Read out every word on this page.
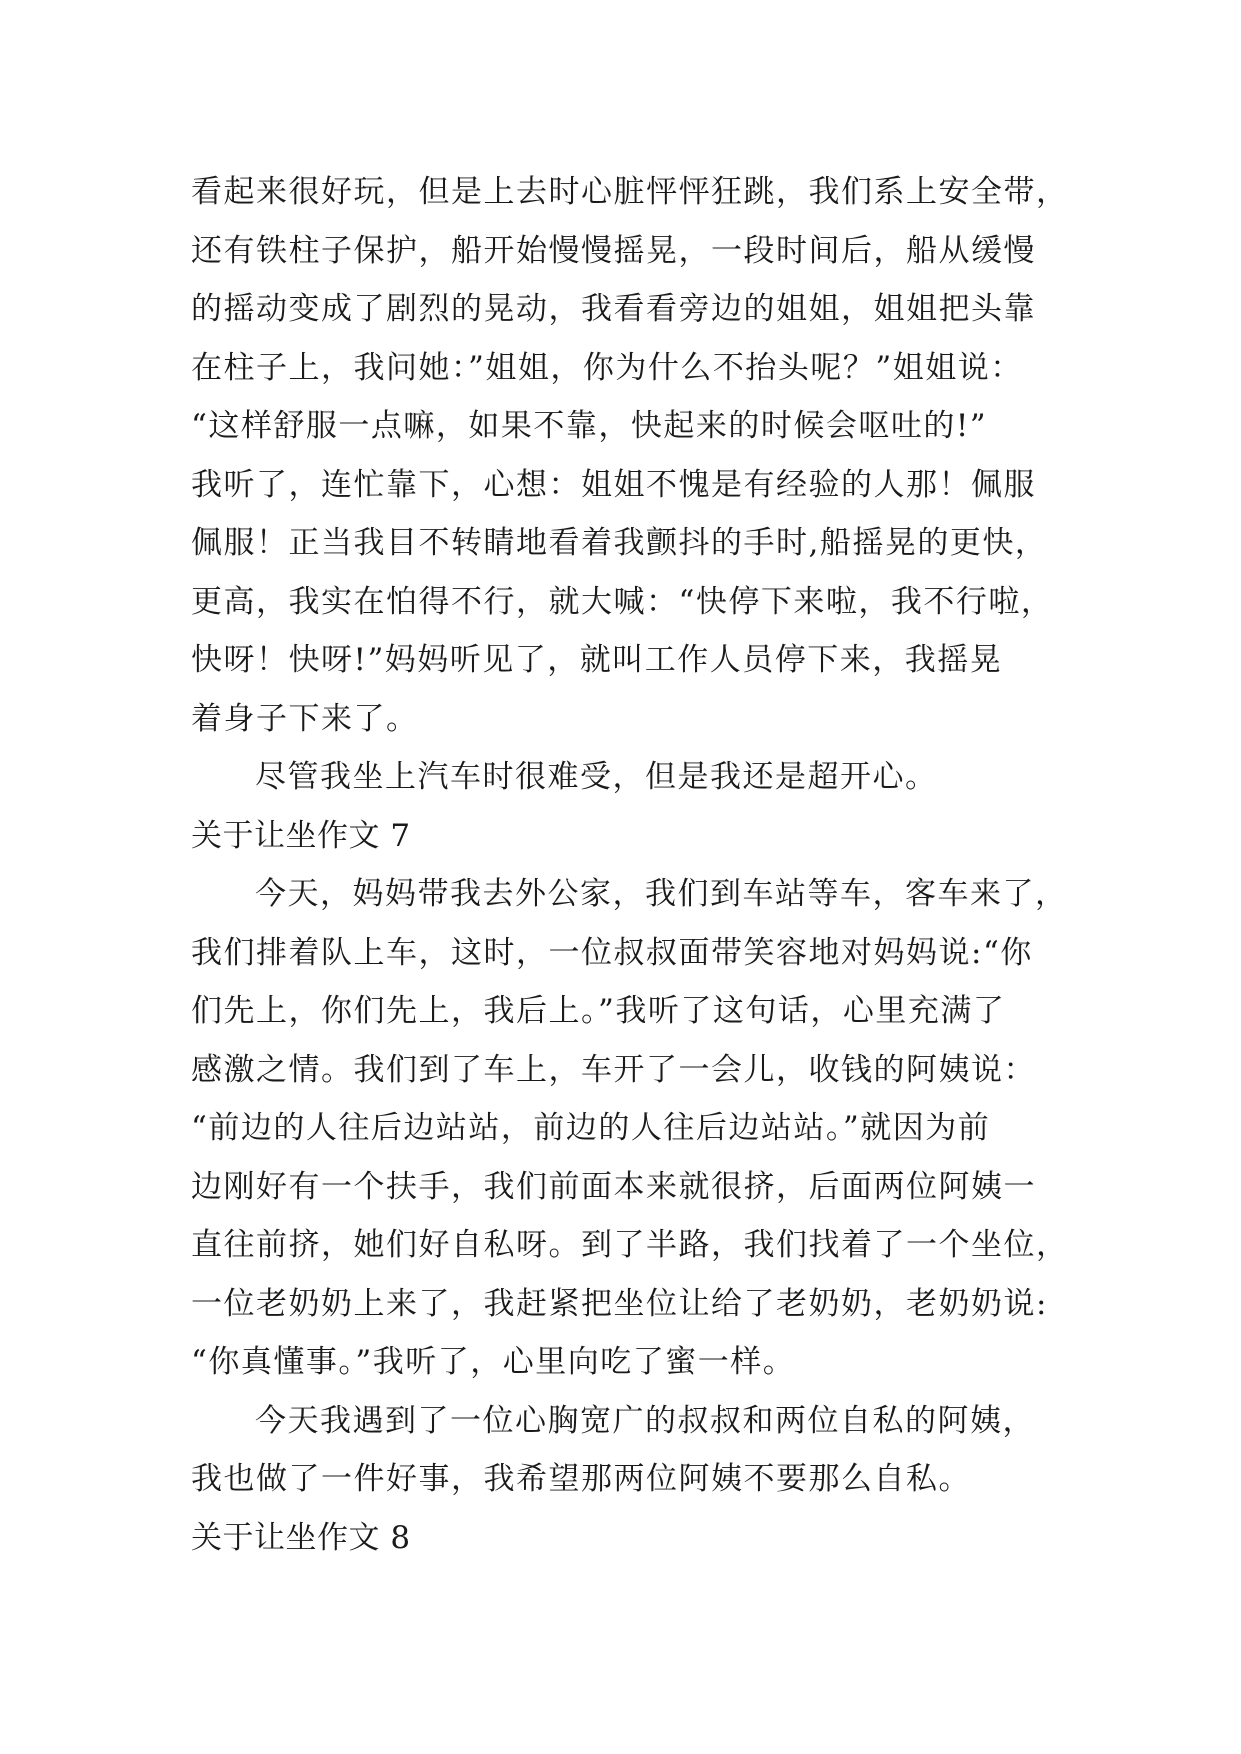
看起来很好玩，但是上去时心脏怦怦狂跳，我们系上安全带，
还有铁柱子保护，船开始慢慢摇晃，一段时间后，船从缓慢
的摇动变成了剧烈的晃动，我看看旁边的姐姐，姐姐把头靠
在柱子上，我问她：”姐姐，你为什么不抬头呢？”姐姐说：
“这样舒服一点嘛，如果不靠，快起来的时候会呕吐的!”
我听了，连忙靠下，心想：姐姐不愧是有经验的人那！佩服
佩服！正当我目不转睛地看着我颤抖的手时,船摇晃的更快，
更高，我实在怕得不行，就大喊：“快停下来啦，我不行啦，
快呀！快呀!”妈妈听见了，就叫工作人员停下来，我摇晃
着身子下来了。
尽管我坐上汽车时很难受，但是我还是超开心。
关于让坐作文 7
今天，妈妈带我去外公家，我们到车站等车，客车来了，
我们排着队上车，这时，一位叔叔面带笑容地对妈妈说:“你
们先上，你们先上，我后上。”我听了这句话，心里充满了
感激之情。我们到了车上，车开了一会儿，收钱的阿姨说：
“前边的人往后边站站，前边的人往后边站站。”就因为前
边刚好有一个扶手，我们前面本来就很挤，后面两位阿姨一
直往前挤，她们好自私呀。到了半路，我们找着了一个坐位，
一位老奶奶上来了，我赶紧把坐位让给了老奶奶，老奶奶说:
“你真懂事。”我听了，心里向吃了蜜一样。
今天我遇到了一位心胸宽广的叔叔和两位自私的阿姨，
我也做了一件好事，我希望那两位阿姨不要那么自私。
关于让坐作文 8
